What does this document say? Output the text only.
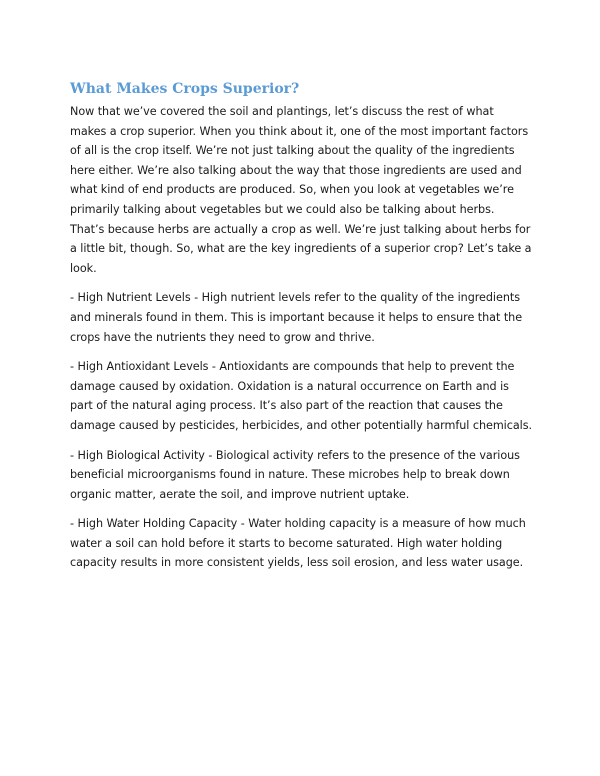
What Makes Crops Superior?

Now that we’ve covered the soil and plantings, let’s discuss the rest of what makes a crop superior. When you think about it, one of the most important factors of all is the crop itself. We’re not just talking about the quality of the ingredients here either. We’re also talking about the way that those ingredients are used and what kind of end products are produced. So, when you look at vegetables we’re primarily talking about vegetables but we could also be talking about herbs. That’s because herbs are actually a crop as well. We’re just talking about herbs for a little bit, though. So, what are the key ingredients of a superior crop? Let’s take a look.

- High Nutrient Levels - High nutrient levels refer to the quality of the ingredients and minerals found in them. This is important because it helps to ensure that the crops have the nutrients they need to grow and thrive.

- High Antioxidant Levels - Antioxidants are compounds that help to prevent the damage caused by oxidation. Oxidation is a natural occurrence on Earth and is part of the natural aging process. It’s also part of the reaction that causes the damage caused by pesticides, herbicides, and other potentially harmful chemicals.

- High Biological Activity - Biological activity refers to the presence of the various beneficial microorganisms found in nature. These microbes help to break down organic matter, aerate the soil, and improve nutrient uptake.

- High Water Holding Capacity - Water holding capacity is a measure of how much water a soil can hold before it starts to become saturated. High water holding capacity results in more consistent yields, less soil erosion, and less water usage.
